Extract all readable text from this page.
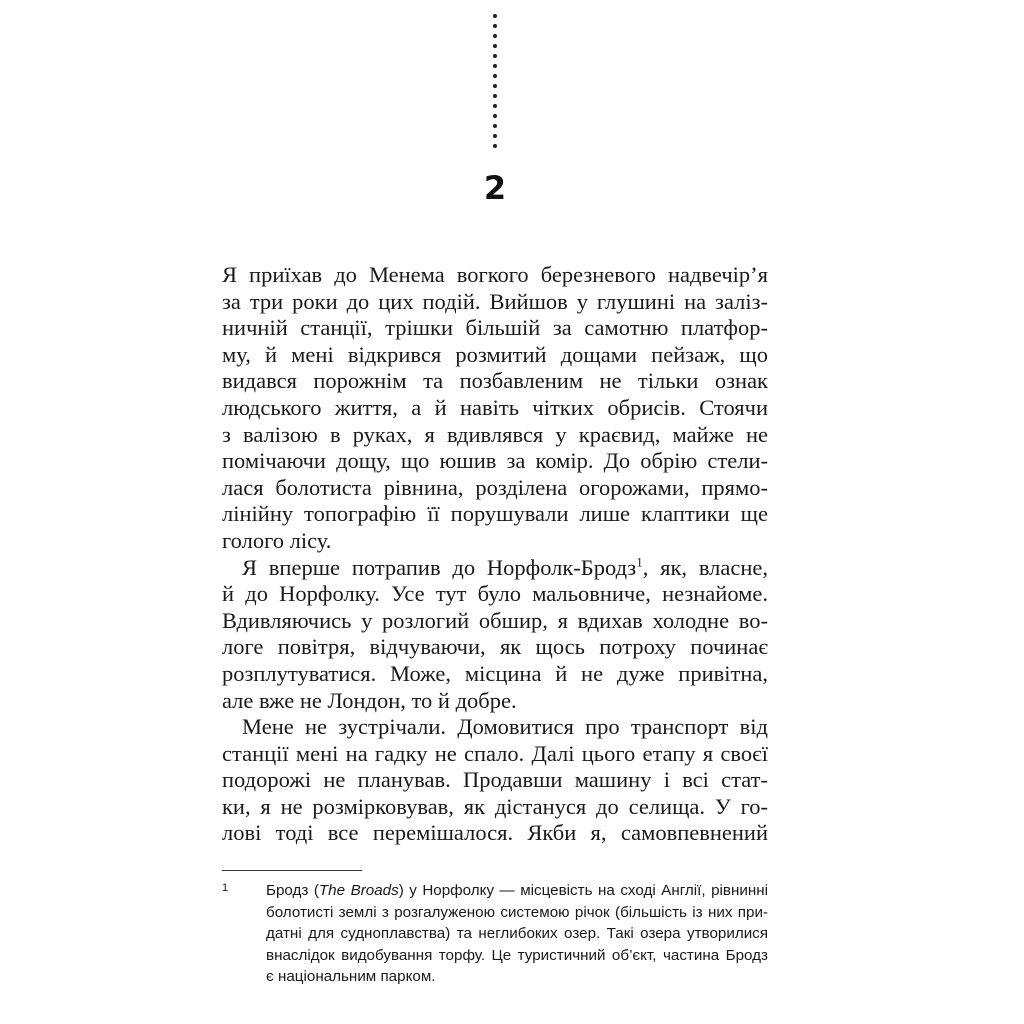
2
Я приїхав до Менема вогкого березневого надвечір’я
за три роки до цих подій. Вийшов у глушині на заліз-
ничній станції, трішки більшій за самотню платфор-
му, й мені відкрився розмитий дощами пейзаж, що
видався порожнім та позбавленим не тільки ознак
людського життя, а й навіть чітких обрисів. Стоячи
з валізою в руках, я вдивлявся у краєвид, майже не
помічаючи дощу, що юшив за комір. До обрію стели-
лася болотиста рівнина, розділена огорожами, прямо-
лінійну топографію її порушували лише клаптики ще
голого лісу.
Я вперше потрапив до Норфолк-Бродз$^1$, як, власне,
й до Норфолку. Усе тут було мальовниче, незнайоме.
Вдивляючись у розлогий обшир, я вдихав холодне во-
логе повітря, відчуваючи, як щось потроху починає
розплутуватися. Може, місцина й не дуже привітна,
але вже не Лондон, то й добре.
Мене не зустрічали. Домовитися про транспорт від
станції мені на гадку не спало. Далі цього етапу я своєї
подорожі не планував. Продавши машину і всі стат-
ки, я не розмірковував, як дістануся до селища. У го-
лові тоді все перемішалося. Якби я, самовпевнений
1	Бродз (The Broads) у Норфолку — місцевість на сході Англії, рівнинні
болотисті землі з розгалуженою системою річок (більшість із них при-
датні для судноплавства) та неглибоких озер. Такі озера утворилися
внаслідок видобування торфу. Це туристичний об’єкт, частина Бродз
є національним парком.
